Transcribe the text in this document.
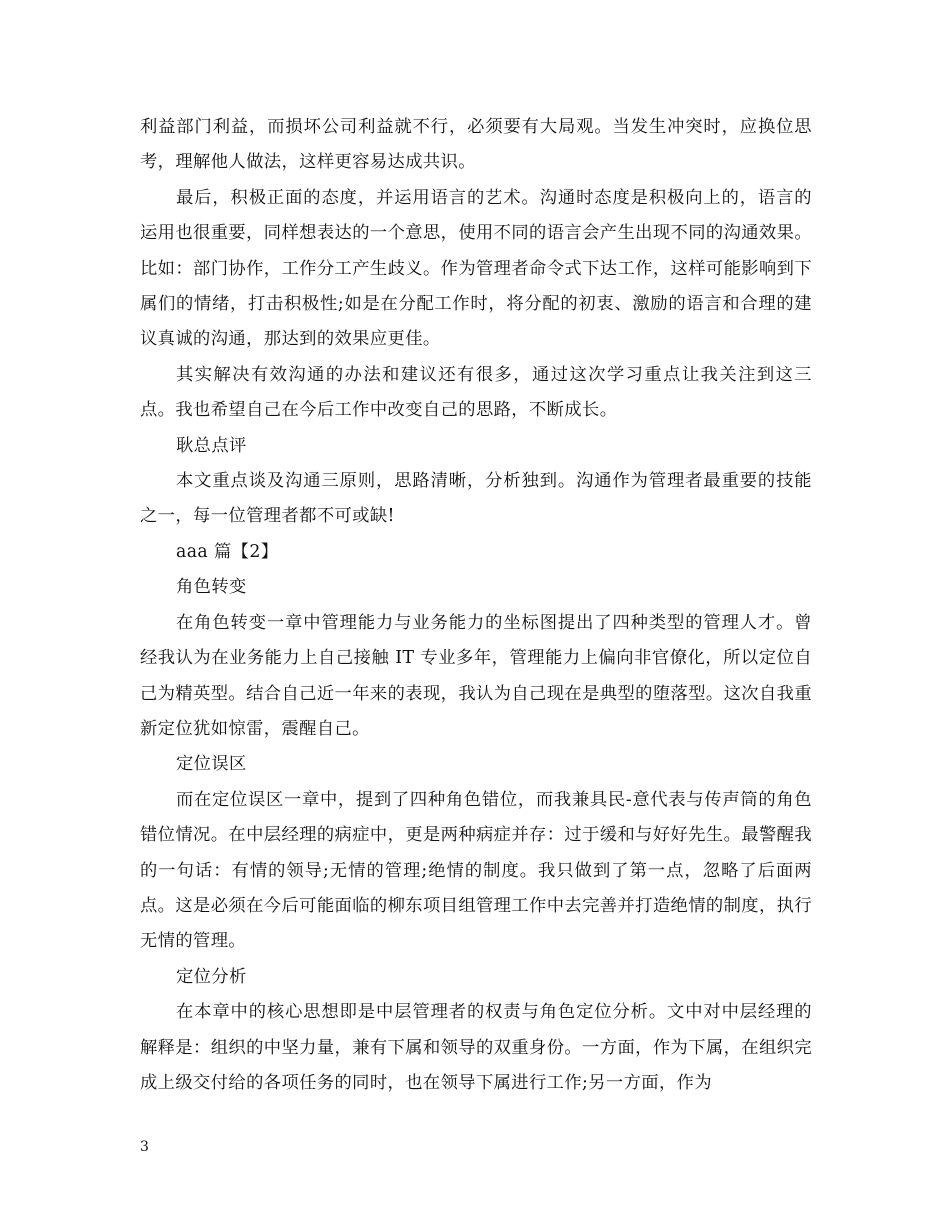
利益部门利益，而损坏公司利益就不行，必须要有大局观。当发生冲突时，应换位思考，理解他人做法，这样更容易达成共识。

最后，积极正面的态度，并运用语言的艺术。沟通时态度是积极向上的，语言的运用也很重要，同样想表达的一个意思，使用不同的语言会产生出现不同的沟通效果。比如：部门协作，工作分工产生歧义。作为管理者命令式下达工作，这样可能影响到下属们的情绪，打击积极性;如是在分配工作时，将分配的初衷、激励的语言和合理的建议真诚的沟通，那达到的效果应更佳。

其实解决有效沟通的办法和建议还有很多，通过这次学习重点让我关注到这三点。我也希望自己在今后工作中改变自己的思路，不断成长。

耿总点评

本文重点谈及沟通三原则，思路清晰，分析独到。沟通作为管理者最重要的技能之一，每一位管理者都不可或缺!

aaa 篇【2】

角色转变

在角色转变一章中管理能力与业务能力的坐标图提出了四种类型的管理人才。曾经我认为在业务能力上自己接触 IT 专业多年，管理能力上偏向非官僚化，所以定位自己为精英型。结合自己近一年来的表现，我认为自己现在是典型的堕落型。这次自我重新定位犹如惊雷，震醒自己。

定位误区

而在定位误区一章中，提到了四种角色错位，而我兼具民-意代表与传声筒的角色错位情况。在中层经理的病症中，更是两种病症并存：过于缓和与好好先生。最警醒我的一句话：有情的领导;无情的管理;绝情的制度。我只做到了第一点，忽略了后面两点。这是必须在今后可能面临的柳东项目组管理工作中去完善并打造绝情的制度，执行无情的管理。

定位分析

在本章中的核心思想即是中层管理者的权责与角色定位分析。文中对中层经理的解释是：组织的中坚力量，兼有下属和领导的双重身份。一方面，作为下属，在组织完成上级交付给的各项任务的同时，也在领导下属进行工作;另一方面，作为

3
